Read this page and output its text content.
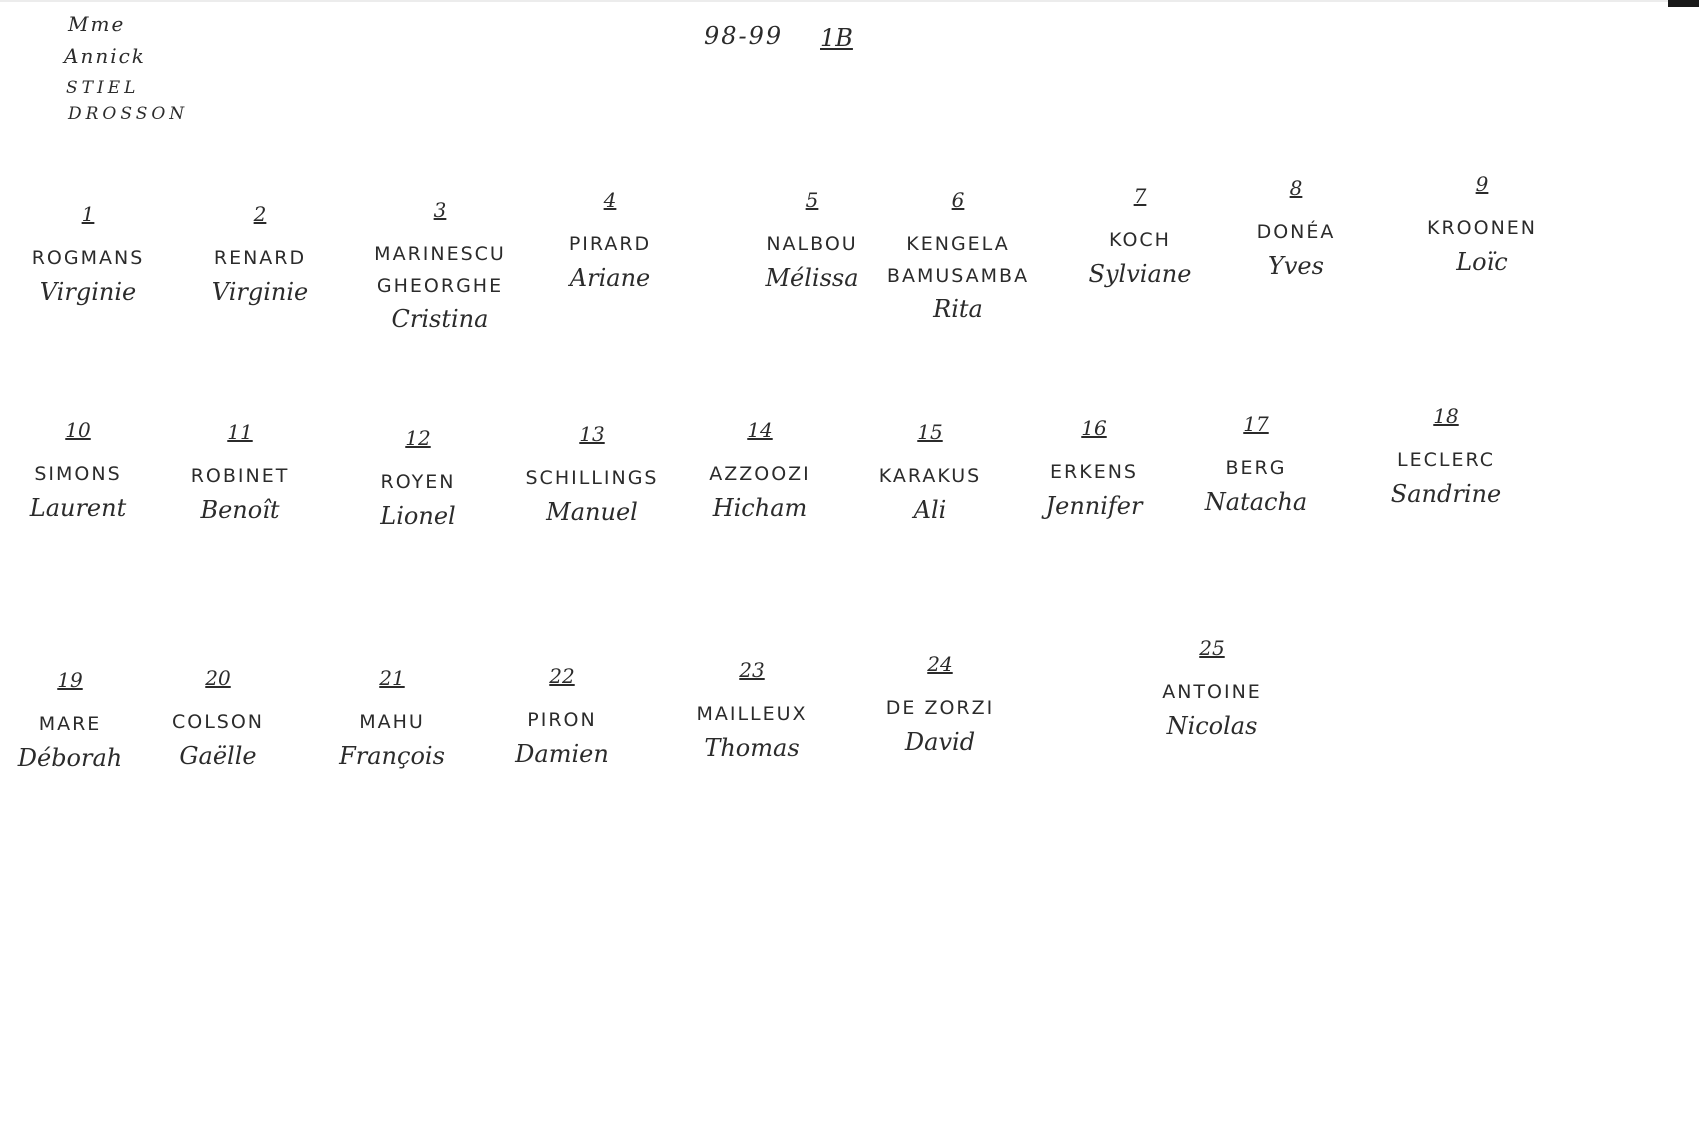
Mme
Annick
STIEL
DROSSON
98-99 1B
1
ROGMANS
Virginie
2
RENARD
Virginie
3
MARINESCU
GHEORGHE
Cristina
4
PIRARD
Ariane
5
NALBOU
Mélissa
6
KENGELA
BAMUSAMBA
Rita
7
KOCH
Sylviane
8
DONÉA
Yves
9
KROONEN
Loïc
10
SIMONS
Laurent
11
ROBINET
Benoît
12
ROYEN
Lionel
13
SCHILLINGS
Manuel
14
AZZOOZI
Hicham
15
KARAKUS
Ali
16
ERKENS
Jennifer
17
BERG
Natacha
18
LECLERC
Sandrine
19
MARE
Déborah
20
COLSON
Gaëlle
21
MAHU
François
22
PIRON
Damien
23
MAILLEUX
Thomas
24
DE ZORZI
David
25
ANTOINE
Nicolas
